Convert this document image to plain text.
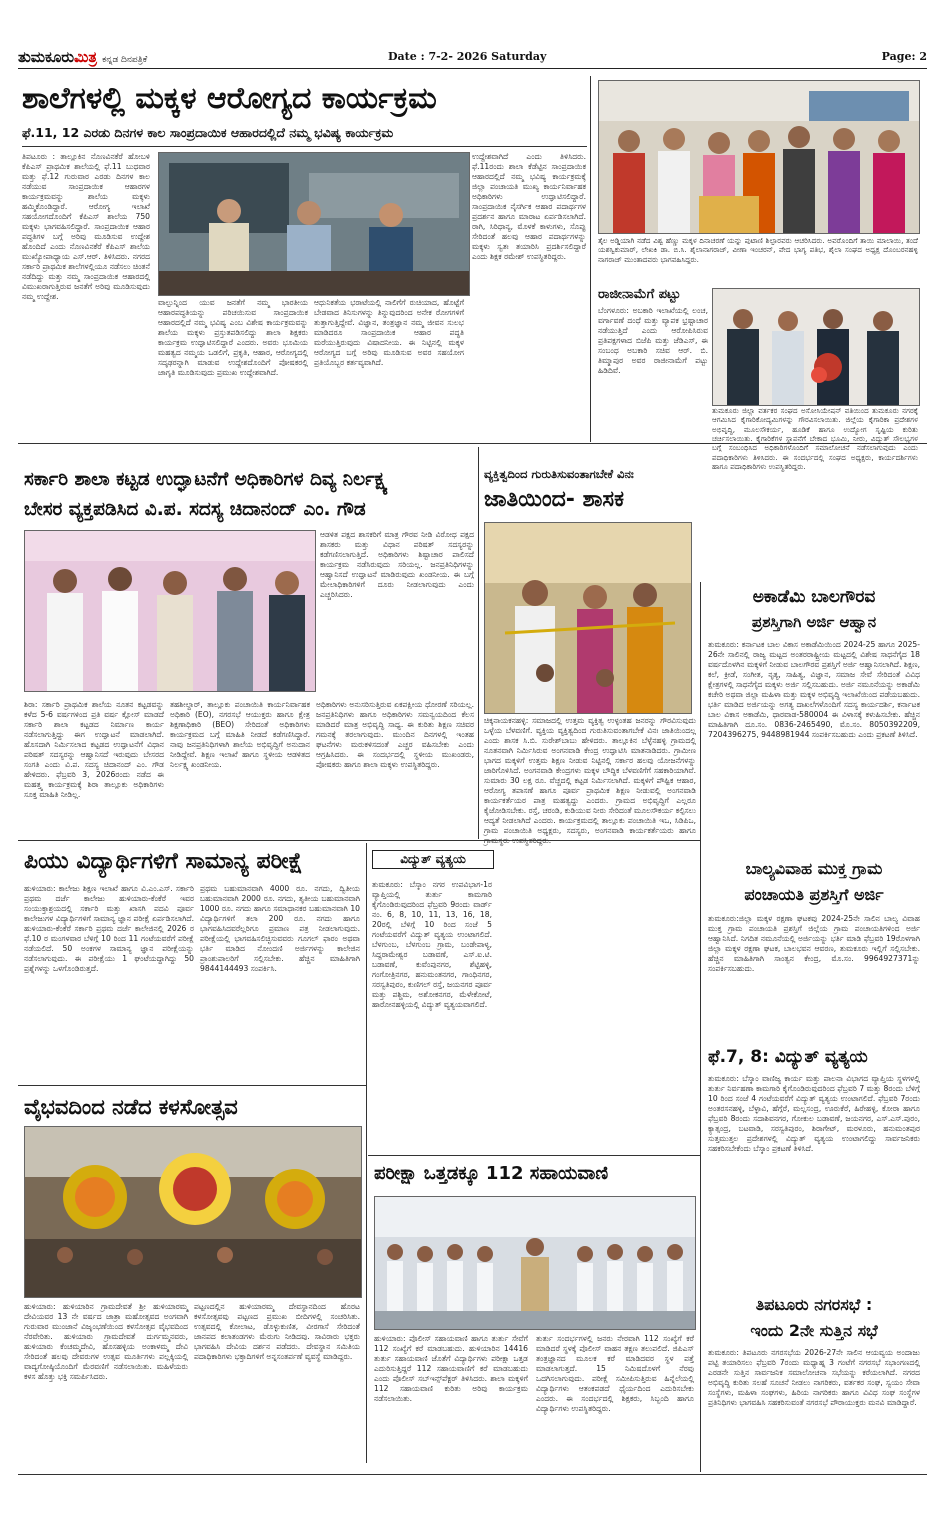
ತುಮಕೂರುಮಿತ್ರ ಕನ್ನಡ ದಿನಪತ್ರಿಕೆ	Date : 7-2- 2026 Saturday	Page: 2
ಶಾಲೆಗಳಲ್ಲಿ ಮಕ್ಕಳ ಆರೋಗ್ಯದ ಕಾರ್ಯಕ್ರಮ
ಫೆ.11, 12 ಎರಡು ದಿನಗಳ ಕಾಲ ಸಾಂಪ್ರದಾಯಿಕ ಆಹಾರದಲ್ಲಿದೆ ನಮ್ಮ ಭವಿಷ್ಯ ಕಾರ್ಯಕ್ರಮ
ತಿಪಟೂರು : ತಾಲ್ಲೂಕಿನ ನೊಣವಿನಕೆರೆ ಹೋಬಳಿ ಕೆಪಿಎಸ್ ಪ್ರಾಥಮಿಕ ಶಾಲೆಯಲ್ಲಿ ಫೆ.11 ಬುಧವಾರ ಮತ್ತು ಫೆ.12 ಗುರುವಾರ ಎರಡು ದಿನಗಳ ಕಾಲ ನಡೆಯುವ ಸಾಂಪ್ರದಾಯಿಕ ಆಹಾರಗಳ ಕಾರ್ಯಕ್ರಮವನ್ನು ಶಾಲೆಯ ಮಕ್ಕಳು ಹಮ್ಮಿಕೊಂಡಿದ್ದಾರೆ. ಆರೋಗ್ಯ ಇಲಾಖೆ ಸಹಯೋಗದೊಂದಿಗೆ ಕೆಪಿಎಸ್ ಶಾಲೆಯ 750 ಮಕ್ಕಳು ಭಾಗವಹಿಸಲಿದ್ದಾರೆ. ಸಾಂಪ್ರದಾಯಿಕ ಆಹಾರ ಪದ್ಧತಿಗಳ ಬಗ್ಗೆ ಅರಿವು ಮೂಡಿಸುವ ಉದ್ದೇಶ ಹೊಂದಿದೆ ಎಂದು ನೊಣವಿನಕೆರೆ ಕೆಪಿಎಸ್ ಶಾಲೆಯ ಮುಖ್ಯೋಪಾಧ್ಯಾಯ ಎಸ್.ಆರ್. ತಿಳಿಸಿದರು. ನಗರದ ಸರ್ಕಾರಿ ಪ್ರಾಥಮಿಕ ಶಾಲೆಗಳಲ್ಲಿಯೂ ನಡೆಸಲು ಚಿಂತನೆ ನಡೆದಿದ್ದು ಮತ್ತು ನಮ್ಮ ಸಾಂಪ್ರದಾಯಿಕ ಆಹಾರದಲ್ಲಿ ವಿಮುಖರಾಗುತ್ತಿರುವ ಜನತೆಗೆ ಅರಿವು ಮೂಡಿಸುವುದು ನಮ್ಮ ಉದ್ದೇಶ.
ವಾಲ್ಪುನ್ನಿಂದ ಯುವ ಜನತೆಗೆ ನಮ್ಮ ಭಾರತೀಯ ಆಹಾರಪದ್ಧತಿಯನ್ನು ಪರಿಚಯಿಸುವ ಸಾಂಪ್ರದಾಯಿಕ ಆಹಾರದಲ್ಲಿದೆ ನಮ್ಮ ಭವಿಷ್ಯ ಎಂಬ ವಿಶೇಷ ಕಾರ್ಯಕ್ರಮವನ್ನು ಶಾಲೆಯ ಮಕ್ಕಳು ಪ್ರಸ್ತುತಪಡಿಸಲಿದ್ದು ಶಾಲಾ ಶಿಕ್ಷಕರು ಕಾರ್ಯಕ್ರಮ ಉದ್ಘಾಟಿಸಲಿದ್ದಾರೆ ಎಂದರು. ಅವರು ಭೂಮಿಯ ಮಹತ್ವದ ನಮ್ಮಯ ಒಡಲಿಗೆ, ಪ್ರಕೃತಿ, ಆಹಾರ, ಆರೋಗ್ಯದಲ್ಲಿ ಸದೃಢರನ್ನಾಗಿ ಮಾಡುವ ಉದ್ದೇಶದೊಂದಿಗೆ ಪೋಷಕರಲ್ಲಿ ಜಾಗೃತಿ ಮೂಡಿಸುವುದು ಪ್ರಮುಖ ಉದ್ದೇಶವಾಗಿದೆ.
ಆಧುನಿಕತೆಯ ಭರಾಟೆಯಲ್ಲಿ ನಾಲಿಗೆಗೆ ರುಚಿಯಾದ, ಹೊಟ್ಟೆಗೆ ಬೇಡವಾದ ತಿನಿಸುಗಳನ್ನು ತಿನ್ನುವುದರಿಂದ ಅನೇಕ ರೋಗಗಳಿಗೆ ತುತ್ತಾಗುತ್ತಿದ್ದೇವೆ. ವಿಜ್ಞಾನ, ತಂತ್ರಜ್ಞಾನ ನಮ್ಮ ಜೀವನ ಸುಲಭ ಮಾಡಿದರೂ ಸಾಂಪ್ರದಾಯಿಕ ಆಹಾರ ಪದ್ಧತಿ ಮರೆಯುತ್ತಿರುವುದು ವಿಷಾದನೀಯ. ಈ ನಿಟ್ಟಿನಲ್ಲಿ ಮಕ್ಕಳ ಆರೋಗ್ಯದ ಬಗ್ಗೆ ಅರಿವು ಮೂಡಿಸುವ ಅವರ ಸಹಯೋಗ ಪ್ರತಿಯೊಬ್ಬರ ಕರ್ತವ್ಯವಾಗಿದೆ.
ಉದ್ದೇಶವಾಗಿದೆ ಎಂದು ತಿಳಿಸಿದರು. ಫೆ.11ರಂದು ಶಾಲಾ ಕೆಡೆಟ್ಟಿನ ಸಾಂಪ್ರದಾಯಿಕ ಆಹಾರದಲ್ಲಿದೆ ನಮ್ಮ ಭವಿಷ್ಯ ಕಾರ್ಯಕ್ರಮಕ್ಕೆ ಜಿಲ್ಲಾ ಪಂಚಾಯತಿ ಮುಖ್ಯ ಕಾರ್ಯನಿರ್ವಾಹಕ ಅಧಿಕಾರಿಗಳು ಉದ್ಘಾಟಿಸಲಿದ್ದಾರೆ. ಸಾಂಪ್ರದಾಯಿಕ ನೈಸರ್ಗಿಕ ಆಹಾರ ಪದಾರ್ಥಗಳ ಪ್ರದರ್ಶನ ಹಾಗೂ ಮಾರಾಟ ಏರ್ಪಡಿಸಲಾಗಿದೆ. ರಾಗಿ, ಸಿರಿಧಾನ್ಯ, ಮೊಳಕೆ ಕಾಳುಗಳು, ಸೊಪ್ಪು ಸೇರಿದಂತೆ ಹಲವು ಆಹಾರ ಪದಾರ್ಥಗಳನ್ನು ಮಕ್ಕಳು ಸ್ವತಃ ತಯಾರಿಸಿ ಪ್ರದರ್ಶಿಸಲಿದ್ದಾರೆ ಎಂದು ಶಿಕ್ಷಕ ರಮೇಶ್ ಉಪಸ್ಥಿತರಿದ್ದರು.
ತೈಲ ಅಡ್ಡಿಯಾಗಿ ನಡೆದ ವಿಶ್ವ ಹೆಣ್ಣು ಮಕ್ಕಳ ದಿನಾಚರಣೆ ಯನ್ನು ಪುಟಾಣಿ ಶಿಲ್ಪಾರವರು ಆಚರಿಸಿದರು. ಅವರೊಂದಿಗೆ ತಾಯಿ ಮಾಲಾಯಿ, ತಂದೆ ಯಶಸ್ವಿಕುಮಾರ್, ಲೇಖಕಿ ಡಾ. ಬಿ.ಸಿ. ಶೈಲಾನಾಗರಾಜ್, ವೀಣಾ ಇಂಚರನ್, ವೇದ ಭಾಗ್ಯ ಪತಿಭ, ಶೈಲಾ ಸಂಘದ ಅಧ್ಯಕ್ಷ ದೊಂಬರನಹಳ್ಳಿ ನಾಗರಾಜ್ ಮುಂತಾದವರು ಭಾಗವಹಿಸಿದ್ದರು.
ರಾಜೀನಾಮೆಗೆ ಪಟ್ಟು
ಬೆಂಗಳೂರು: ಅಬಕಾರಿ ಇಲಾಖೆಯಲ್ಲಿ ಲಂಚ, ವರ್ಗಾವಣೆ ದಂಧೆ ಮತ್ತು ವ್ಯಾಪಕ ಭ್ರಷ್ಟಾಚಾರ ನಡೆಯುತ್ತಿದೆ ಎಂದು ಆರೋಪಿಸಿರುವ ಪ್ರತಿಪಕ್ಷಗಳಾದ ಬಿಜೆಪಿ ಮತ್ತು ಜೆಡಿಎಸ್, ಈ ಸಂಬಂಧ ಅಬಕಾರಿ ಸಚಿವ ಆರ್. ಬಿ. ತಿಮ್ಮಾಪುರ ಅವರ ರಾಜೀನಾಮೆಗೆ ಪಟ್ಟು ಹಿಡಿದಿವೆ.
ತುಮಕೂರು ಜಿಲ್ಲಾ ವರ್ತಕರ ಸಂಘದ ಅಸೋಸಿಯೇಷನ್ ವತಿಯಿಂದ ತುಮಕೂರು ನಗರಕ್ಕೆ ಆಗಮಿಸಿದ ಕೈಗಾರಿಕೋದ್ಯಮಿಗಳನ್ನು ಗೌರವಿಸಲಾಯಿತು. ಜಿಲ್ಲೆಯ ಕೈಗಾರಿಕಾ ಪ್ರದೇಶಗಳ ಅಭಿವೃದ್ಧಿ, ಮೂಲಸೌಕರ್ಯ, ಹೂಡಿಕೆ ಹಾಗೂ ಉದ್ಯೋಗ ಸೃಷ್ಟಿಯ ಕುರಿತು ಚರ್ಚಿಸಲಾಯಿತು. ಕೈಗಾರಿಕೆಗಳ ಸ್ಥಾಪನೆಗೆ ಬೇಕಾದ ಭೂಮಿ, ನೀರು, ವಿದ್ಯುತ್ ಸೌಲಭ್ಯಗಳ ಬಗ್ಗೆ ಸಂಬಂಧಿಸಿದ ಅಧಿಕಾರಿಗಳೊಂದಿಗೆ ಸಮಾಲೋಚನೆ ನಡೆಸಲಾಗುವುದು ಎಂದು ಪದಾಧಿಕಾರಿಗಳು ತಿಳಿಸಿದರು. ಈ ಸಂದರ್ಭದಲ್ಲಿ ಸಂಘದ ಅಧ್ಯಕ್ಷರು, ಕಾರ್ಯದರ್ಶಿಗಳು ಹಾಗೂ ಪದಾಧಿಕಾರಿಗಳು ಉಪಸ್ಥಿತರಿದ್ದರು.
ಸರ್ಕಾರಿ ಶಾಲಾ ಕಟ್ಟಡ ಉದ್ಘಾಟನೆಗೆ ಅಧಿಕಾರಿಗಳ ದಿವ್ಯ ನಿರ್ಲಕ್ಷ್ಯ
ಬೇಸರ ವ್ಯಕ್ತಪಡಿಸಿದ ವಿ.ಪ. ಸದಸ್ಯ ಚಿದಾನಂದ್ ಎಂ. ಗೌಡ
ಆಡಳಿತ ಪಕ್ಷದ ಶಾಸಕರಿಗೆ ಮಾತ್ರ ಗೌರವ ನೀಡಿ ವಿರೋಧ ಪಕ್ಷದ ಶಾಸಕರು ಮತ್ತು ವಿಧಾನ ಪರಿಷತ್ ಸದಸ್ಯರನ್ನು ಕಡೆಗಣಿಸಲಾಗುತ್ತಿದೆ. ಅಧಿಕಾರಿಗಳು ಶಿಷ್ಟಾಚಾರ ಪಾಲಿಸದೆ ಕಾರ್ಯಕ್ರಮ ನಡೆಸಿರುವುದು ಸರಿಯಲ್ಲ. ಜನಪ್ರತಿನಿಧಿಗಳನ್ನು ಆಹ್ವಾನಿಸದೆ ಉದ್ಘಾಟನೆ ಮಾಡಿರುವುದು ಖಂಡನೀಯ. ಈ ಬಗ್ಗೆ ಮೇಲಾಧಿಕಾರಿಗಳಿಗೆ ದೂರು ನೀಡಲಾಗುವುದು ಎಂದು ಎಚ್ಚರಿಸಿದರು.
ಶಿರಾ: ಸರ್ಕಾರಿ ಪ್ರಾಥಮಿಕ ಶಾಲೆಯ ನೂತನ ಕಟ್ಟಡವನ್ನು ಕಳೆದ 5-6 ವರ್ಷಗಳಿಂದ ಪ್ರತಿ ವರ್ಷ ಕ್ಲೋಸ್ ಮಾಡದೆ ಸರ್ಕಾರಿ ಶಾಲಾ ಕಟ್ಟಡದ ನಿರ್ಮಾಣ ಕಾರ್ಯ ನಡೆಸಲಾಗುತ್ತಿದ್ದು ಈಗ ಉದ್ಘಾಟನೆ ಮಾಡಲಾಗಿದೆ. ಹೊಸದಾಗಿ ನಿರ್ಮಿಸಲಾದ ಕಟ್ಟಡದ ಉದ್ಘಾಟನೆಗೆ ವಿಧಾನ ಪರಿಷತ್ ಸದಸ್ಯರನ್ನು ಆಹ್ವಾನಿಸದೆ ಇರುವುದು ಬೇಸರದ ಸಂಗತಿ ಎಂದು ವಿ.ಪ. ಸದಸ್ಯ ಚಿದಾನಂದ್ ಎಂ. ಗೌಡ ಹೇಳಿದರು. ಫೆಬ್ರವರಿ 3, 2026ರಂದು ನಡೆದ ಈ ಮಹತ್ತ್ವ ಕಾರ್ಯಕ್ರಮಕ್ಕೆ ಶಿರಾ ತಾಲ್ಲೂಕು ಅಧಿಕಾರಿಗಳು ಸೂಕ್ತ ಮಾಹಿತಿ ನೀಡಿಲ್ಲ.
ತಹಶೀಲ್ದಾರ್, ತಾಲ್ಲೂಕು ಪಂಚಾಯಿತಿ ಕಾರ್ಯನಿರ್ವಾಹಕ ಅಧಿಕಾರಿ (EO), ನಗರಸಭೆ ಆಯುಕ್ತರು ಹಾಗೂ ಕ್ಷೇತ್ರ ಶಿಕ್ಷಣಾಧಿಕಾರಿ (BEO) ಸೇರಿದಂತೆ ಅಧಿಕಾರಿಗಳು ಕಾರ್ಯಕ್ರಮದ ಬಗ್ಗೆ ಮಾಹಿತಿ ನೀಡದೆ ಕಡೆಗಣಿಸಿದ್ದಾರೆ. ನಾವು ಜನಪ್ರತಿನಿಧಿಗಳಾಗಿ ಶಾಲೆಯ ಅಭಿವೃದ್ಧಿಗೆ ಅನುದಾನ ನೀಡಿದ್ದೇವೆ. ಶಿಕ್ಷಣ ಇಲಾಖೆ ಹಾಗೂ ಸ್ಥಳೀಯ ಆಡಳಿತದ ನಿರ್ಲಕ್ಷ್ಯ ಖಂಡನೀಯ.
ಅಧಿಕಾರಿಗಳು ಅನುಸರಿಸುತ್ತಿರುವ ಏಕಪಕ್ಷೀಯ ಧೋರಣೆ ಸರಿಯಲ್ಲ. ಜನಪ್ರತಿನಿಧಿಗಳು ಹಾಗೂ ಅಧಿಕಾರಿಗಳು ಸಮನ್ವಯದಿಂದ ಕೆಲಸ ಮಾಡಿದರೆ ಮಾತ್ರ ಅಭಿವೃದ್ಧಿ ಸಾಧ್ಯ. ಈ ಕುರಿತು ಶಿಕ್ಷಣ ಸಚಿವರ ಗಮನಕ್ಕೆ ತರಲಾಗುವುದು. ಮುಂದಿನ ದಿನಗಳಲ್ಲಿ ಇಂತಹ ಘಟನೆಗಳು ಮರುಕಳಿಸದಂತೆ ಎಚ್ಚರ ವಹಿಸಬೇಕು ಎಂದು ಆಗ್ರಹಿಸಿದರು. ಈ ಸಂದರ್ಭದಲ್ಲಿ ಸ್ಥಳೀಯ ಮುಖಂಡರು, ಪೋಷಕರು ಹಾಗೂ ಶಾಲಾ ಮಕ್ಕಳು ಉಪಸ್ಥಿತರಿದ್ದರು.
ವ್ಯಕ್ತಿತ್ವದಿಂದ ಗುರುತಿಸುವಂತಾಗಬೇಕೆ ವಿನಃ
ಜಾತಿಯಿಂದ- ಶಾಸಕ
ಚಿಕ್ಕನಾಯಕನಹಳ್ಳಿ: ಸಮಾಜದಲ್ಲಿ ಉತ್ತಮ ವ್ಯಕ್ತಿತ್ವ ಉಳ್ಳಂತಹ ಜನರನ್ನು ಗೌರವಿಸುವುದು ಒಳ್ಳೆಯ ಬೆಳವಣಿಗೆ. ವ್ಯಕ್ತಿಯ ವ್ಯಕ್ತಿತ್ವದಿಂದ ಗುರುತಿಸುವಂತಾಗಬೇಕೆ ವಿನಃ ಜಾತಿಯಿಂದಲ್ಲ ಎಂದು ಶಾಸಕ ಸಿ.ಬಿ. ಸುರೇಶ್‌ಬಾಬು ಹೇಳಿದರು. ತಾಲ್ಲೂಕಿನ ಬೆಳ್ಳೆನಹಳ್ಳಿ ಗ್ರಾಮದಲ್ಲಿ ನೂತನವಾಗಿ ನಿರ್ಮಿಸಿರುವ ಅಂಗನವಾಡಿ ಕೇಂದ್ರ ಉದ್ಘಾಟಿಸಿ ಮಾತನಾಡಿದರು. ಗ್ರಾಮೀಣ ಭಾಗದ ಮಕ್ಕಳಿಗೆ ಉತ್ತಮ ಶಿಕ್ಷಣ ನೀಡುವ ನಿಟ್ಟಿನಲ್ಲಿ ಸರ್ಕಾರ ಹಲವು ಯೋಜನೆಗಳನ್ನು ಜಾರಿಗೊಳಿಸಿದೆ. ಅಂಗನವಾಡಿ ಕೇಂದ್ರಗಳು ಮಕ್ಕಳ ಬೌದ್ಧಿಕ ಬೆಳವಣಿಗೆಗೆ ಸಹಕಾರಿಯಾಗಿವೆ. ಸುಮಾರು 30 ಲಕ್ಷ ರೂ. ವೆಚ್ಚದಲ್ಲಿ ಕಟ್ಟಡ ನಿರ್ಮಿಸಲಾಗಿದೆ. ಮಕ್ಕಳಿಗೆ ಪೌಷ್ಟಿಕ ಆಹಾರ, ಆರೋಗ್ಯ ತಪಾಸಣೆ ಹಾಗೂ ಪೂರ್ವ ಪ್ರಾಥಮಿಕ ಶಿಕ್ಷಣ ನೀಡುವಲ್ಲಿ ಅಂಗನವಾಡಿ ಕಾರ್ಯಕರ್ತೆಯರ ಪಾತ್ರ ಮಹತ್ವದ್ದು ಎಂದರು. ಗ್ರಾಮದ ಅಭಿವೃದ್ಧಿಗೆ ಎಲ್ಲರೂ ಕೈಜೋಡಿಸಬೇಕು. ರಸ್ತೆ, ಚರಂಡಿ, ಕುಡಿಯುವ ನೀರು ಸೇರಿದಂತೆ ಮೂಲಸೌಕರ್ಯ ಕಲ್ಪಿಸಲು ಆದ್ಯತೆ ನೀಡಲಾಗಿದೆ ಎಂದರು. ಕಾರ್ಯಕ್ರಮದಲ್ಲಿ ತಾಲ್ಲೂಕು ಪಂಚಾಯಿತಿ ಇಒ, ಸಿಡಿಪಿಒ, ಗ್ರಾಮ ಪಂಚಾಯಿತಿ ಅಧ್ಯಕ್ಷರು, ಸದಸ್ಯರು, ಅಂಗನವಾಡಿ ಕಾರ್ಯಕರ್ತೆಯರು ಹಾಗೂ ಗ್ರಾಮಸ್ಥರು ಉಪಸ್ಥಿತರಿದ್ದರು.
ಅಕಾಡೆಮಿ ಬಾಲಗೌರವ
ಪ್ರಶಸ್ತಿಗಾಗಿ ಅರ್ಜಿ ಆಹ್ವಾನ
ತುಮಕೂರು: ಕರ್ನಾಟಕ ಬಾಲ ವಿಕಾಸ ಅಕಾಡೆಮಿಯಿಂದ 2024-25 ಹಾಗೂ 2025-26ನೇ ಸಾಲಿನಲ್ಲಿ ರಾಜ್ಯ ಮಟ್ಟದ ಅಂತರರಾಷ್ಟ್ರೀಯ ಮಟ್ಟದಲ್ಲಿ ವಿಶೇಷ ಸಾಧನೆಗೈದ 18 ವರ್ಷದೊಳಗಿನ ಮಕ್ಕಳಿಗೆ ನೀಡುವ ಬಾಲಗೌರವ ಪ್ರಶಸ್ತಿಗೆ ಅರ್ಜಿ ಆಹ್ವಾನಿಸಲಾಗಿದೆ. ಶಿಕ್ಷಣ, ಕಲೆ, ಕ್ರೀಡೆ, ಸಂಗೀತ, ನೃತ್ಯ, ಸಾಹಿತ್ಯ, ವಿಜ್ಞಾನ, ಸಮಾಜ ಸೇವೆ ಸೇರಿದಂತೆ ವಿವಿಧ ಕ್ಷೇತ್ರಗಳಲ್ಲಿ ಸಾಧನೆಗೈದ ಮಕ್ಕಳು ಅರ್ಜಿ ಸಲ್ಲಿಸಬಹುದು. ಅರ್ಜಿ ನಮೂನೆಯನ್ನು ಅಕಾಡೆಮಿ ಕಚೇರಿ ಅಥವಾ ಜಿಲ್ಲಾ ಮಹಿಳಾ ಮತ್ತು ಮಕ್ಕಳ ಅಭಿವೃದ್ಧಿ ಇಲಾಖೆಯಿಂದ ಪಡೆಯಬಹುದು. ಭರ್ತಿ ಮಾಡಿದ ಅರ್ಜಿಯನ್ನು ಅಗತ್ಯ ದಾಖಲೆಗಳೊಂದಿಗೆ ಸದಸ್ಯ ಕಾರ್ಯದರ್ಶಿ, ಕರ್ನಾಟಕ ಬಾಲ ವಿಕಾಸ ಅಕಾಡೆಮಿ, ಧಾರವಾಡ-580004 ಈ ವಿಳಾಸಕ್ಕೆ ಕಳುಹಿಸಬೇಕು. ಹೆಚ್ಚಿನ ಮಾಹಿತಿಗಾಗಿ ದೂ.ಸಂ. 0836-2465490, ಮೊ.ಸಂ. 8050392209, 7204396275, 9448981944 ಸಂಪರ್ಕಿಸಬಹುದು ಎಂದು ಪ್ರಕಟಣೆ ತಿಳಿಸಿದೆ.
ಬಾಲ್ಯವಿವಾಹ ಮುಕ್ತ ಗ್ರಾಮ
ಪಂಚಾಯತಿ ಪ್ರಶಸ್ತಿಗೆ ಅರ್ಜಿ
ತುಮಕೂರು:ಜಿಲ್ಲಾ ಮಕ್ಕಳ ರಕ್ಷಣಾ ಘಟಕವು 2024-25ನೇ ಸಾಲಿನ ಬಾಲ್ಯ ವಿವಾಹ ಮುಕ್ತ ಗ್ರಾಮ ಪಂಚಾಯತಿ ಪ್ರಶಸ್ತಿಗೆ ಜಿಲ್ಲೆಯ ಗ್ರಾಮ ಪಂಚಾಯತಿಗಳಿಂದ ಅರ್ಜಿ ಆಹ್ವಾನಿಸಿದೆ. ನಿಗದಿತ ನಮೂನೆಯಲ್ಲಿ ಅರ್ಜಿಯನ್ನು ಭರ್ತಿ ಮಾಡಿ ಫೆಬ್ರವರಿ 19ರೊಳಗಾಗಿ ಜಿಲ್ಲಾ ಮಕ್ಕಳ ರಕ್ಷಣಾ ಘಟಕ, ಬಾಲಭವನ ಆವರಣ, ತುಮಕೂರು ಇಲ್ಲಿಗೆ ಸಲ್ಲಿಸಬೇಕು. ಹೆಚ್ಚಿನ ಮಾಹಿತಿಗಾಗಿ ಸಾಂತ್ವನ ಕೇಂದ್ರ, ಮೊ.ಸಂ. 9964927371ನ್ನು ಸಂಪರ್ಕಿಸಬಹುದು.
ಫೆ.7, 8: ವಿದ್ಯುತ್ ವ್ಯತ್ಯಯ
ತುಮಕೂರು: ಬೆಸ್ಕಾಂ ವಾಣಿಜ್ಯ ಕಾರ್ಯ ಮತ್ತು ಪಾಲನಾ ವಿಭಾಗದ ವ್ಯಾಪ್ತಿಯ ಸ್ಥಳಗಳಲ್ಲಿ ತುರ್ತು ನಿರ್ವಹಣಾ ಕಾಮಗಾರಿ ಕೈಗೊಂಡಿರುವುದರಿಂದ ಫೆಬ್ರವರಿ 7 ಮತ್ತು 8ರಂದು ಬೆಳಿಗ್ಗೆ 10 ರಿಂದ ಸಂಜೆ 4 ಗಂಟೆಯವರೆಗೆ ವಿದ್ಯುತ್ ವ್ಯತ್ಯಯ ಉಂಟಾಗಲಿದೆ. ಫೆಬ್ರವರಿ 7ರಂದು ಅಂತರಸನಹಳ್ಳಿ, ಬೆಳ್ಳಾವಿ, ಹೆಗ್ಗೆರೆ, ಮಲ್ಲಸಂದ್ರ, ಊರುಕೆರೆ, ಹಿರೇಹಳ್ಳಿ, ಕೋರಾ ಹಾಗೂ ಫೆಬ್ರವರಿ 8ರಂದು ಸದಾಶಿವನಗರ, ಗೋಕುಲ ಬಡಾವಣೆ, ಜಯನಗರ, ಎಸ್.ಎಸ್.ಪುರಂ, ಕ್ಯಾತ್ಸಂದ್ರ, ಬಟವಾಡಿ, ಸರಸ್ವತಿಪುರಂ, ಶಿರಾಗೇಟ್, ಮರಳೂರು, ಹನುಮಂತಪುರ ಸುತ್ತಮುತ್ತಲ ಪ್ರದೇಶಗಳಲ್ಲಿ ವಿದ್ಯುತ್ ವ್ಯತ್ಯಯ ಉಂಟಾಗಲಿದ್ದು ಸಾರ್ವಜನಿಕರು ಸಹಕರಿಸಬೇಕೆಂದು ಬೆಸ್ಕಾಂ ಪ್ರಕಟಣೆ ತಿಳಿಸಿದೆ.
ತಿಪಟೂರು ನಗರಸಭೆ :
ಇಂದು 2ನೇ ಸುತ್ತಿನ ಸಭೆ
ತುಮಕೂರು: ತಿಪಟೂರು ನಗರಸಭೆಯ 2026-27ನೇ ಸಾಲಿನ ಆಯವ್ಯಯ ಅಂದಾಜು ಪಟ್ಟಿ ತಯಾರಿಸಲು ಫೆಬ್ರವರಿ 7ರಂದು ಮಧ್ಯಾಹ್ನ 3 ಗಂಟೆಗೆ ನಗರಸಭೆ ಸಭಾಂಗಣದಲ್ಲಿ ಎರಡನೇ ಸುತ್ತಿನ ಸಾರ್ವಜನಿಕ ಸಮಾಲೋಚನಾ ಸಭೆಯನ್ನು ಕರೆಯಲಾಗಿದೆ. ನಗರದ ಅಭಿವೃದ್ಧಿ ಕುರಿತು ಸಲಹೆ ಸೂಚನೆ ನೀಡಲು ನಾಗರಿಕರು, ವರ್ತಕರ ಸಂಘ, ಸ್ವಯಂ ಸೇವಾ ಸಂಸ್ಥೆಗಳು, ಮಹಿಳಾ ಸಂಘಗಳು, ಹಿರಿಯ ನಾಗರಿಕರು ಹಾಗೂ ವಿವಿಧ ಸಂಘ ಸಂಸ್ಥೆಗಳ ಪ್ರತಿನಿಧಿಗಳು ಭಾಗವಹಿಸಿ ಸಹಕರಿಸುವಂತೆ ನಗರಸಭೆ ಪೌರಾಯುಕ್ತರು ಮನವಿ ಮಾಡಿದ್ದಾರೆ.
ಪಿಯು ವಿದ್ಯಾರ್ಥಿಗಳಿಗೆ ಸಾಮಾನ್ಯ ಪರೀಕ್ಷೆ
ಹುಳಿಯಾರು: ಕಾಲೇಜು ಶಿಕ್ಷಣ ಇಲಾಖೆ ಹಾಗೂ ವಿ.ಎಂ.ಎಸ್. ಸರ್ಕಾರಿ ಪ್ರಥಮ ದರ್ಜೆ ಕಾಲೇಜು ಹುಳಿಯಾರು-ಕೆಂಕೆರೆ ಇವರ ಸಂಯುಕ್ತಾಶ್ರಯದಲ್ಲಿ ಸರ್ಕಾರಿ ಮತ್ತು ಖಾಸಗಿ ಪದವಿ ಪೂರ್ವ ಕಾಲೇಜುಗಳ ವಿದ್ಯಾರ್ಥಿಗಳಿಗೆ ಸಾಮಾನ್ಯ ಜ್ಞಾನ ಪರೀಕ್ಷೆ ಏರ್ಪಡಿಸಲಾಗಿದೆ. ಹುಳಿಯಾರು-ಕೆಂಕೆರೆ ಸರ್ಕಾರಿ ಪ್ರಥಮ ದರ್ಜೆ ಕಾಲೇಜಿನಲ್ಲಿ 2026 ರ ಫೆ.10 ರ ಮಂಗಳವಾರ ಬೆಳಿಗ್ಗೆ 10 ರಿಂದ 11 ಗಂಟೆಯವರೆಗೆ ಪರೀಕ್ಷೆ ನಡೆಯಲಿದೆ. 50 ಅಂಕಗಳ ಸಾಮಾನ್ಯ ಜ್ಞಾನ ಪರೀಕ್ಷೆಯನ್ನು ನಡೆಸಲಾಗುವುದು. ಈ ಪರೀಕ್ಷೆಯು 1 ಘಂಟೆಯದ್ದಾಗಿದ್ದು 50 ಪ್ರಶ್ನೆಗಳನ್ನು ಒಳಗೊಂಡಿರುತ್ತದೆ.
ಪ್ರಥಮ ಬಹುಮಾನವಾಗಿ 4000 ರೂ. ನಗದು, ದ್ವಿತೀಯ ಬಹುಮಾನವಾಗಿ 2000 ರೂ. ನಗದು, ತೃತೀಯ ಬಹುಮಾನವಾಗಿ 1000 ರೂ. ನಗದು ಹಾಗೂ ಸಮಾಧಾನಕರ ಬಹುಮಾನವಾಗಿ 10 ವಿದ್ಯಾರ್ಥಿಗಳಿಗೆ ತಲಾ 200 ರೂ. ನಗದು ಹಾಗೂ ಭಾಗವಹಿಸಿದವರೆಲ್ಲರಿಗೂ ಪ್ರಮಾಣ ಪತ್ರ ನೀಡಲಾಗುವುದು. ಪರೀಕ್ಷೆಯಲ್ಲಿ ಭಾಗವಹಿಸಲಿಚ್ಛಿಸುವವರು ಗೂಗಲ್ ಫಾರಂ ಅಥವಾ ಭರ್ತಿ ಮಾಡಿದ ನೋಂದಣಿ ಅರ್ಜಿಗಳನ್ನು ಕಾಲೇಜಿನ ಪ್ರಾಂಶುಪಾಲರಿಗೆ ಸಲ್ಲಿಸಬೇಕು. ಹೆಚ್ಚಿನ ಮಾಹಿತಿಗಾಗಿ 9844144493 ಸಂಪರ್ಕಿಸಿ.
ವಿದ್ಯುತ್ ವ್ಯತ್ಯಯ
ತುಮಕೂರು: ಬೆಸ್ಕಾಂ ನಗರ ಉಪವಿಭಾಗ-1ರ ವ್ಯಾಪ್ತಿಯಲ್ಲಿ ತುರ್ತು ಕಾಮಗಾರಿ ಕೈಗೊಂಡಿರುವುದರಿಂದ ಫೆಬ್ರವರಿ 9ರಂದು ವಾರ್ಡ್ ನಂ. 6, 8, 10, 11, 13, 16, 18, 20ರಲ್ಲಿ ಬೆಳಿಗ್ಗೆ 10 ರಿಂದ ಸಂಜೆ 5 ಗಂಟೆಯವರೆಗೆ ವಿದ್ಯುತ್ ವ್ಯತ್ಯಯ ಉಂಟಾಗಲಿದೆ. ಬೆಳಗುಂಬ, ಬೆಳಗುಂಬ ಗ್ರಾಮ, ಬಂಡೇಪಾಳ್ಯ, ಸಿದ್ದರಾಮೇಶ್ವರ ಬಡಾವಣೆ, ಎಸ್.ಐ.ಟಿ. ಬಡಾವಣೆ, ಕುವೆಂಪುನಗರ, ಶೆಟ್ಟಿಹಳ್ಳಿ, ಗಂಗೋತ್ರಿನಗರ, ಹನುಮಂತನಗರ, ಗಾಂಧಿನಗರ, ಸರಸ್ವತಿಪುರಂ, ಕುಣಿಗಲ್ ರಸ್ತೆ, ಜಯನಗರ ಪೂರ್ವ ಮತ್ತು ಪಶ್ಚಿಮ, ಅಶೋಕನಗರ, ಮೆಳೇಕೋಟೆ, ಹಾರೋನಹಳ್ಳಿಯಲ್ಲಿ ವಿದ್ಯುತ್ ವ್ಯತ್ಯಯವಾಗಲಿದೆ.
ವೈಭವದಿಂದ ನಡೆದ ಕಳಸೋತ್ಸವ
ಹುಳಿಯಾರು: ಹುಳಿಯಾರಿನ ಗ್ರಾಮದೇವತೆ ಶ್ರೀ ಹುಳಿಯಾರಮ್ಮ ದೇವಿಯವರ 13 ನೇ ವರ್ಷದ ಜಾತ್ರಾ ಮಹೋತ್ಸವದ ಅಂಗವಾಗಿ ಗುರುವಾರ ಮುಂಜಾನೆ ವಿಜೃಂಭಣೆಯಿಂದ ಕಳಸೋತ್ಸವ ವೈಭವದಿಂದ ನೆರವೇರಿತು. ಹುಳಿಯಾರು ಗ್ರಾಮದೇವತೆ ದುರ್ಗಮ್ಮನವರು, ಹುಳಿಯಾರು ಕೆಂಚಮ್ಮದೇವಿ, ಹೊಸಹಳ್ಳಿಯ ಅಂಕಾಳಮ್ಮ ದೇವಿ ಸೇರಿದಂತೆ ಹಲವು ದೇವರುಗಳ ಉತ್ಸವ ಮೂರ್ತಿಗಳು ಪಲ್ಲಕ್ಕಿಯಲ್ಲಿ ವಾದ್ಯಗೋಷ್ಠಿಯೊಂದಿಗೆ ಮೆರವಣಿಗೆ ನಡೆಸಲಾಯಿತು. ಮಹಿಳೆಯರು ಕಳಸ ಹೊತ್ತು ಭಕ್ತಿ ಸಮರ್ಪಿಸಿದರು.
ಪಟ್ಟಣದಲ್ಲಿನ ಹುಳಿಯಾರಮ್ಮ ದೇವಸ್ಥಾನದಿಂದ ಹೊರಟ ಕಳಸೋತ್ಸವವು ಪಟ್ಟಣದ ಪ್ರಮುಖ ಬೀದಿಗಳಲ್ಲಿ ಸಂಚರಿಸಿತು. ಉತ್ಸವದಲ್ಲಿ ಕೋಲಾಟ, ಡೊಳ್ಳುಕುಣಿತ, ವೀರಗಾಸೆ ಸೇರಿದಂತೆ ಜಾನಪದ ಕಲಾತಂಡಗಳು ಮೆರುಗು ನೀಡಿದವು. ಸಾವಿರಾರು ಭಕ್ತರು ಭಾಗವಹಿಸಿ ದೇವಿಯ ದರ್ಶನ ಪಡೆದರು. ದೇವಸ್ಥಾನ ಸಮಿತಿಯ ಪದಾಧಿಕಾರಿಗಳು ಭಕ್ತಾದಿಗಳಿಗೆ ಅನ್ನಸಂತರ್ಪಣೆ ವ್ಯವಸ್ಥೆ ಮಾಡಿದ್ದರು.
ಪರೀಕ್ಷಾ ಒತ್ತಡಕ್ಕೂ 112 ಸಹಾಯವಾಣಿ
ಹುಳಿಯಾರು: ಪೊಲೀಸ್ ಸಹಾಯವಾಣಿ ಹಾಗೂ ತುರ್ತು ಸೇವೆಗೆ 112 ಸಂಖ್ಯೆಗೆ ಕರೆ ಮಾಡಬಹುದು. ಹುಳಿಯಾರಿನ 14416 ತುರ್ತು ಸಹಾಯವಾಣಿ ಜೊತೆಗೆ ವಿದ್ಯಾರ್ಥಿಗಳು ಪರೀಕ್ಷಾ ಒತ್ತಡ ಎದುರಿಸುತ್ತಿದ್ದರೆ 112 ಸಹಾಯವಾಣಿಗೆ ಕರೆ ಮಾಡಬಹುದು ಎಂದು ಪೊಲೀಸ್ ಸಬ್‌ಇನ್ಸ್‌ಪೆಕ್ಟರ್ ತಿಳಿಸಿದರು. ಶಾಲಾ ಮಕ್ಕಳಿಗೆ 112 ಸಹಾಯವಾಣಿ ಕುರಿತು ಅರಿವು ಕಾರ್ಯಕ್ರಮ ನಡೆಸಲಾಯಿತು.
ತುರ್ತು ಸಂದರ್ಭಗಳಲ್ಲಿ ಜನರು ನೇರವಾಗಿ 112 ಸಂಖ್ಯೆಗೆ ಕರೆ ಮಾಡಿದರೆ ಸ್ಥಳಕ್ಕೆ ಪೊಲೀಸ್ ವಾಹನ ತಕ್ಷಣ ತಲುಪಲಿದೆ. ಜಿಪಿಎಸ್ ತಂತ್ರಜ್ಞಾನದ ಮೂಲಕ ಕರೆ ಮಾಡಿದವರ ಸ್ಥಳ ಪತ್ತೆ ಮಾಡಲಾಗುತ್ತದೆ. 15 ನಿಮಿಷದೊಳಗೆ ನೆರವು ಒದಗಿಸಲಾಗುವುದು. ಪರೀಕ್ಷೆ ಸಮೀಪಿಸುತ್ತಿರುವ ಹಿನ್ನೆಲೆಯಲ್ಲಿ ವಿದ್ಯಾರ್ಥಿಗಳು ಆತಂಕಪಡದೆ ಧೈರ್ಯದಿಂದ ಎದುರಿಸಬೇಕು ಎಂದರು. ಈ ಸಂದರ್ಭದಲ್ಲಿ ಶಿಕ್ಷಕರು, ಸಿಬ್ಬಂದಿ ಹಾಗೂ ವಿದ್ಯಾರ್ಥಿಗಳು ಉಪಸ್ಥಿತರಿದ್ದರು.
